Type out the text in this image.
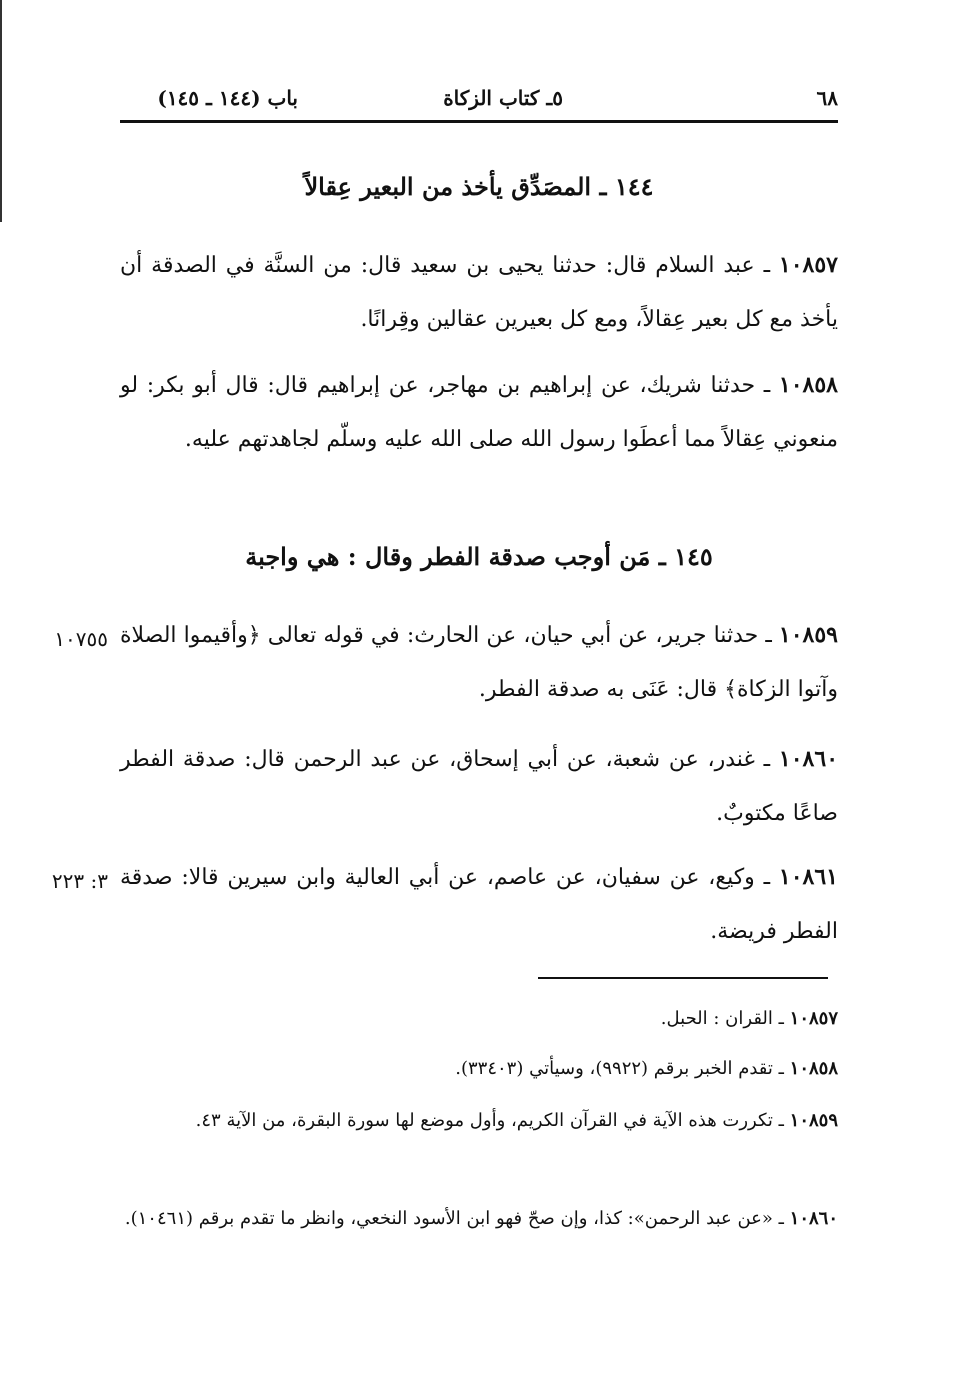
٦٨
٥ـ كتاب الزكاة
باب (١٤٤ ـ ١٤٥)
١٤٤ ـ المصَدِّق يأخذ من البعير عِقالاً

١٠٨٥٧ ـ عبد السلام قال: حدثنا يحيى بن سعيد قال: من السنَّة في الصدقة أن يأخذ مع كل بعير عِقالاً، ومع كل بعيرين عقالين وقِرانًا.

١٠٨٥٨ ـ حدثنا شريك، عن إبراهيم بن مهاجر، عن إبراهيم قال: قال أبو بكر: لو منعوني عِقالاً مما أعطَوا رسول الله صلى الله عليه وسلّم لجاهدتهم عليه.

١٤٥ ـ مَن أوجب صدقة الفطر وقال : هي واجبة

١٠٧٥٥	١٠٨٥٩ ـ حدثنا جرير، عن أبي حيان، عن الحارث: في قوله تعالى ﴿وأقيموا الصلاة وآتوا الزكاة﴾ قال: عَنَى به صدقة الفطر.

١٠٨٦٠ ـ غندر، عن شعبة، عن أبي إسحاق، عن عبد الرحمن قال: صدقة الفطر صاعًا مكتوبٌ.

٣: ٢٢٣	١٠٨٦١ ـ وكيع، عن سفيان، عن عاصم، عن أبي العالية وابن سيرين قالا: صدقة الفطر فريضة.

١٠٨٥٧ ـ القران : الحبل.

١٠٨٥٨ ـ تقدم الخبر برقم (٩٩٢٢)، وسيأتي (٣٣٤٠٣).

١٠٨٥٩ ـ تكررت هذه الآية في القرآن الكريم، وأول موضع لها سورة البقرة، من الآية ٤٣.

١٠٨٦٠ ـ «عن عبد الرحمن»: كذا، وإن صحّ فهو ابن الأسود النخعي، وانظر ما تقدم برقم (١٠٤٦١).
